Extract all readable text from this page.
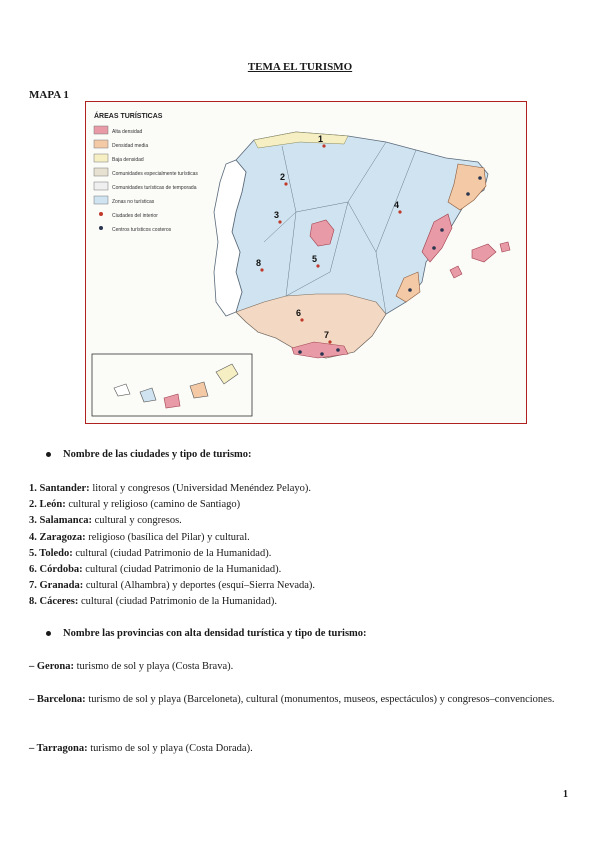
TEMA EL TURISMO
MAPA 1
ÁREAS TURÍSTICAS
Alta densidad
Densidad media
Baja densidad
Comunidades especialmente turísticas
Comunidades turísticas de temporada
Zonas no turísticas
Ciudades del interior
Centros turísticos costeros
1
2
3
4
5
6
7
8
Nombre de las ciudades y tipo de turismo:
1. Santander: litoral y congresos (Universidad Menéndez Pelayo).
2. León: cultural y religioso (camino de Santiago)
3. Salamanca: cultural y congresos.
4. Zaragoza: religioso (basílica del Pilar) y cultural.
5. Toledo: cultural (ciudad Patrimonio de la Humanidad).
6. Córdoba: cultural (ciudad Patrimonio de la Humanidad).
7. Granada: cultural (Alhambra) y deportes (esquí–Sierra Nevada).
8. Cáceres: cultural (ciudad Patrimonio de la Humanidad).
Nombre las provincias con alta densidad turística y tipo de turismo:
– Gerona: turismo de sol y playa (Costa Brava).
– Barcelona: turismo de sol y playa (Barceloneta), cultural (monumentos, museos, espectáculos) y congresos–convenciones.
– Tarragona: turismo de sol y playa (Costa Dorada).
1
